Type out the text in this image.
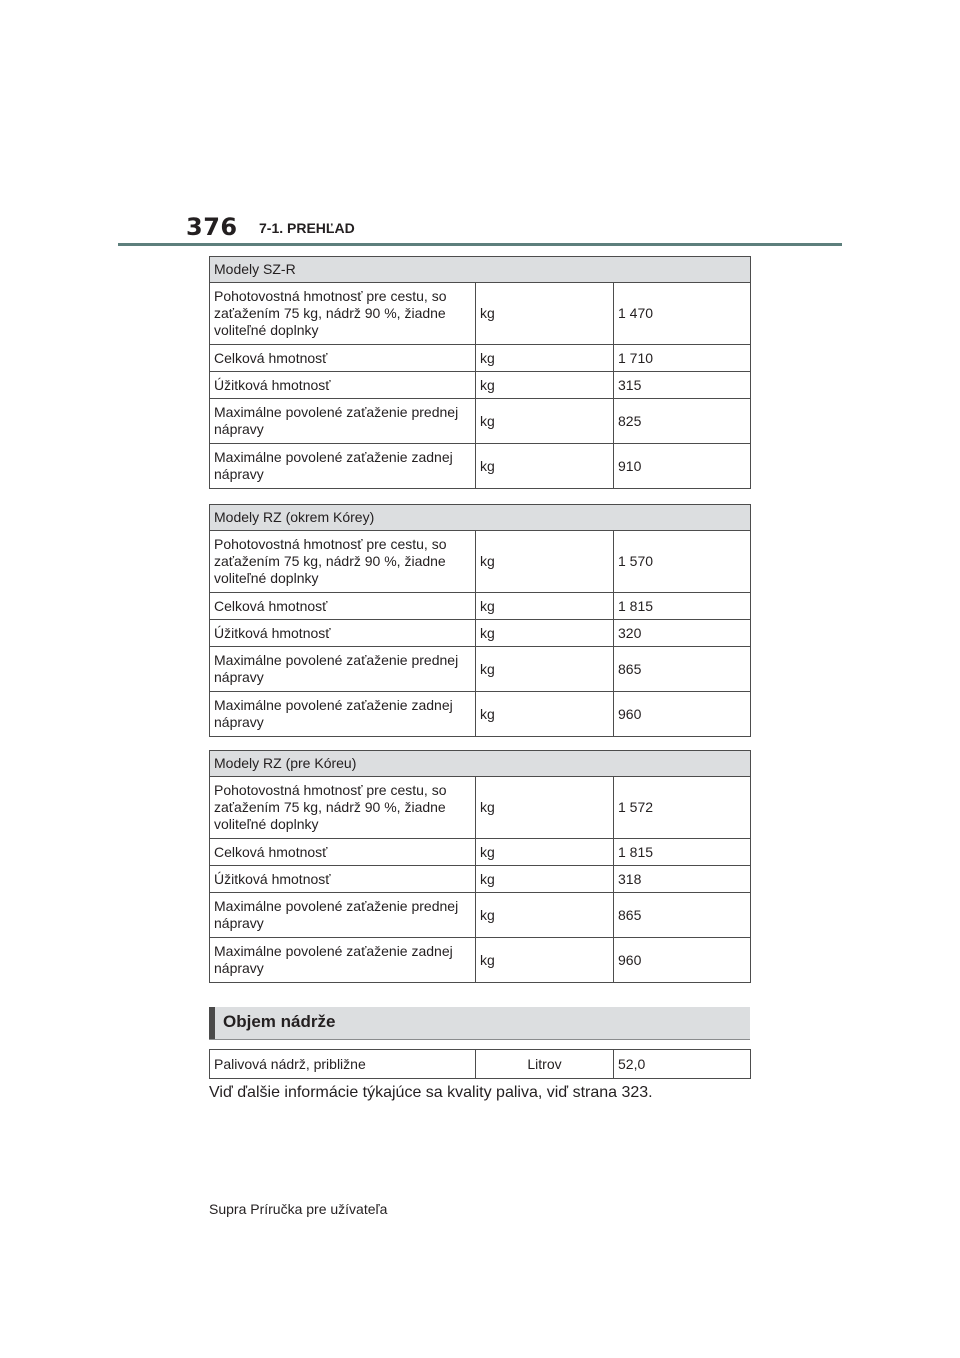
376 7-1. PREHĽAD
Modely SZ-R		
Pohotovostná hmotnosť pre cestu, so zaťažením 75 kg, nádrž 90 %, žiadne voliteľné doplnky	kg	1 470
Celková hmotnosť	kg	1 710
Úžitková hmotnosť	kg	315
Maximálne povolené zaťaženie prednej nápravy	kg	825
Maximálne povolené zaťaženie zadnej nápravy	kg	910
Modely RZ (okrem Kórey)		
Pohotovostná hmotnosť pre cestu, so zaťažením 75 kg, nádrž 90 %, žiadne voliteľné doplnky	kg	1 570
Celková hmotnosť	kg	1 815
Úžitková hmotnosť	kg	320
Maximálne povolené zaťaženie prednej nápravy	kg	865
Maximálne povolené zaťaženie zadnej nápravy	kg	960
Modely RZ (pre Kóreu)		
Pohotovostná hmotnosť pre cestu, so zaťažením 75 kg, nádrž 90 %, žiadne voliteľné doplnky	kg	1 572
Celková hmotnosť	kg	1 815
Úžitková hmotnosť	kg	318
Maximálne povolené zaťaženie prednej nápravy	kg	865
Maximálne povolené zaťaženie zadnej nápravy	kg	960
Objem nádrže
Palivová nádrž, približne	Litrov	52,0
Viď ďalšie informácie týkajúce sa kvality paliva, viď strana 323.
Supra Príručka pre užívateľa
